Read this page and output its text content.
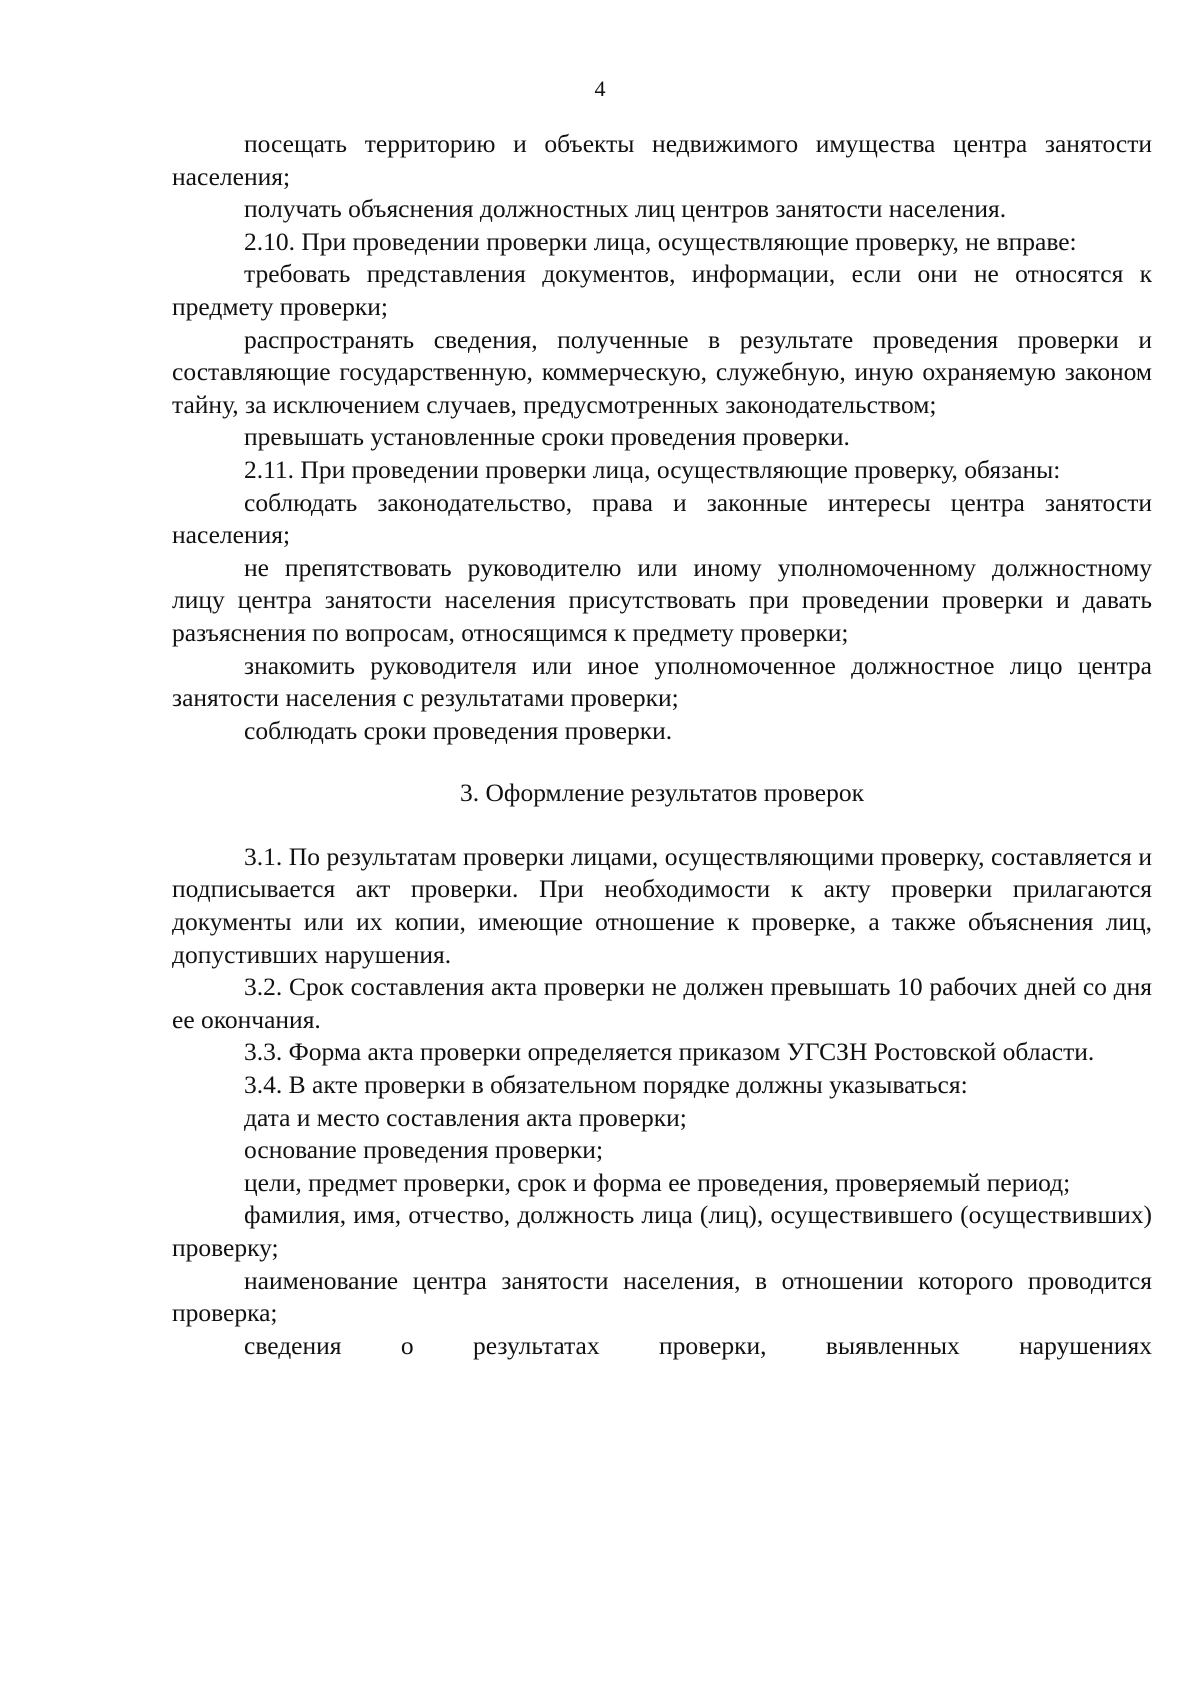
4

посещать территорию и объекты недвижимого имущества центра занятости населения;

получать объяснения должностных лиц центров занятости населения.

2.10. При проведении проверки лица, осуществляющие проверку, не вправе:

требовать представления документов, информации, если они не относятся к предмету проверки;

распространять сведения, полученные в результате проведения проверки и составляющие государственную, коммерческую, служебную, иную охраняемую законом тайну, за исключением случаев, предусмотренных законодательством;

превышать установленные сроки проведения проверки.

2.11. При проведении проверки лица, осуществляющие проверку, обязаны:

соблюдать законодательство, права и законные интересы центра занятости населения;

не препятствовать руководителю или иному уполномоченному должностному лицу центра занятости населения присутствовать при проведении проверки и давать разъяснения по вопросам, относящимся к предмету проверки;

знакомить руководителя или иное уполномоченное должностное лицо центра занятости населения с результатами проверки;

соблюдать сроки проведения проверки.

3. Оформление результатов проверок

3.1. По результатам проверки лицами, осуществляющими проверку, составляется и подписывается акт проверки. При необходимости к акту проверки прилагаются документы или их копии, имеющие отношение к проверке, а также объяснения лиц, допустивших нарушения.

3.2. Срок составления акта проверки не должен превышать 10 рабочих дней со дня ее окончания.

3.3. Форма акта проверки определяется приказом УГСЗН Ростовской области.

3.4. В акте проверки в обязательном порядке должны указываться:

дата и место составления акта проверки;

основание проведения проверки;

цели, предмет проверки, срок и форма ее проведения, проверяемый период;

фамилия, имя, отчество, должность лица (лиц), осуществившего (осуществивших) проверку;

наименование центра занятости населения, в отношении которого проводится проверка;

сведения о результатах проверки, выявленных нарушениях
